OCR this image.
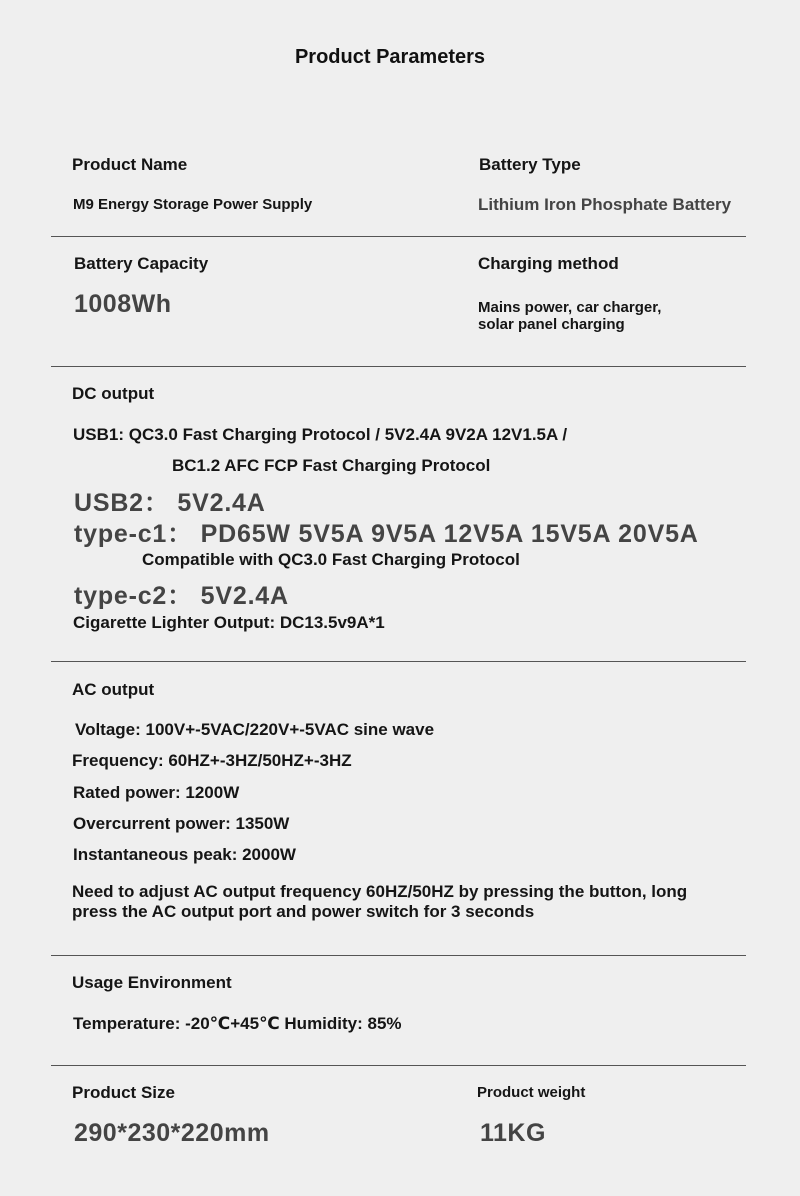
Product Parameters
Product Name
M9 Energy Storage Power Supply
Battery Type
Lithium Iron Phosphate Battery
Battery Capacity
1008Wh
Charging method
Mains power, car charger,
solar panel charging
DC output
USB1: QC3.0 Fast Charging Protocol / 5V2.4A 9V2A 12V1.5A /
BC1.2 AFC FCP Fast Charging Protocol
USB2： 5V2.4A
type-c1： PD65W 5V5A 9V5A 12V5A 15V5A 20V5A
Compatible with QC3.0 Fast Charging Protocol
type-c2： 5V2.4A
Cigarette Lighter Output: DC13.5v9A*1
AC output
Voltage: 100V+-5VAC/220V+-5VAC sine wave
Frequency: 60HZ+-3HZ/50HZ+-3HZ
Rated power: 1200W
Overcurrent power: 1350W
Instantaneous peak: 2000W
Need to adjust AC output frequency 60HZ/50HZ by pressing the button, long
press the AC output port and power switch for 3 seconds
Usage Environment
Temperature: -20℃+45℃ Humidity: 85%
Product Size
290*230*220mm
Product weight
11KG
